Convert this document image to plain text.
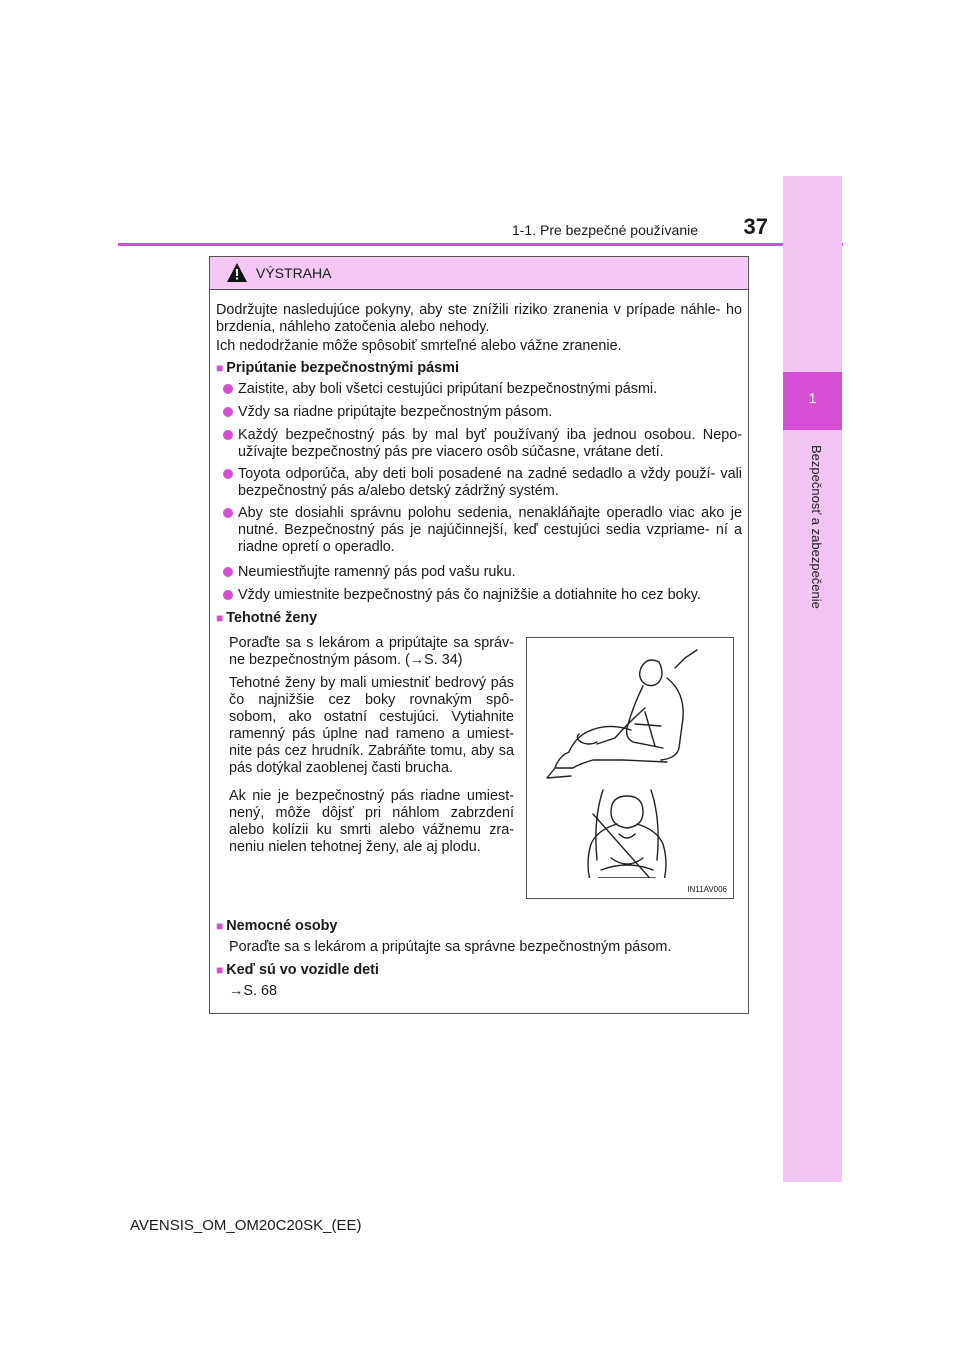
1-1. Pre bezpečné používanie	37
1
Bezpečnosť a zabezpečenie
VÝSTRAHA

Dodržujte nasledujúce pokyny, aby ste znížili riziko zranenia v prípade náhle- ho brzdenia, náhleho zatočenia alebo nehody.

Ich nedodržanie môže spôsobiť smrteľné alebo vážne zranenie.

■ Pripútanie bezpečnostnými pásmi
Zaistite, aby boli všetci cestujúci pripútaní bezpečnostnými pásmi.
Vždy sa riadne pripútajte bezpečnostným pásom.
Každý bezpečnostný pás by mal byť používaný iba jednou osobou. Nepo- užívajte bezpečnostný pás pre viacero osôb súčasne, vrátane detí.
Toyota odporúča, aby deti boli posadené na zadné sedadlo a vždy použí- vali bezpečnostný pás a/alebo detský zádržný systém.
Aby ste dosiahli správnu polohu sedenia, nenakláňajte operadlo viac ako je nutné. Bezpečnostný pás je najúčinnejší, keď cestujúci sedia vzpriame- ní a riadne opretí o operadlo.
Neumiestňujte ramenný pás pod vašu ruku.
Vždy umiestnite bezpečnostný pás čo najnižšie a dotiahnite ho cez boky.
■ Tehotné ženy
Poraďte sa s lekárom a pripútajte sa správ- ne bezpečnostným pásom. (→S. 34)
Tehotné ženy by mali umiestniť bedrový pás čo najnižšie cez boky rovnakým spô- sobom, ako ostatní cestujúci. Vytiahnite ramenný pás úplne nad rameno a umiest- nite pás cez hrudník. Zabráňte tomu, aby sa pás dotýkal zaoblenej časti brucha.
Ak nie je bezpečnostný pás riadne umiest- nený, môže dôjsť pri náhlom zabrzdení alebo kolízii ku smrti alebo vážnemu zra- neniu nielen tehotnej ženy, ale aj plodu.
IN11AV006
■ Nemocné osoby
Poraďte sa s lekárom a pripútajte sa správne bezpečnostným pásom.
■ Keď sú vo vozidle deti
→S. 68
AVENSIS_OM_OM20C20SK_(EE)
